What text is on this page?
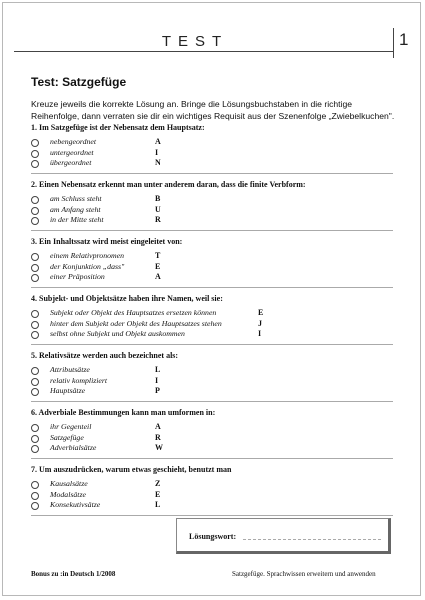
TEST	1
Test: Satzgefüge
Kreuze jeweils die korrekte Lösung an. Bringe die Lösungsbuchstaben in die richtige Reihenfolge, dann verraten sie dir ein wichtiges Requisit aus der Szenenfolge „Zwiebelkuchen".
1. Im Satzgefüge ist der Nebensatz dem Hauptsatz:
nebengeordnet	A
untergeordnet	I
übergeordnet	N
2. Einen Nebensatz erkennt man unter anderem daran, dass die finite Verbform:
am Schluss steht	B
am Anfang steht	U
in der Mitte steht	R
3. Ein Inhaltssatz wird meist eingeleitet von:
einem Relativpronomen	T
der Konjunktion „dass"	E
einer Präposition	A
4. Subjekt- und Objektsätze haben ihre Namen, weil sie:
Subjekt oder Objekt des Hauptsatzes ersetzen können	E
hinter dem Subjekt oder Objekt des Hauptsatzes stehen	J
selbst ohne Subjekt und Objekt auskommen	I
5. Relativsätze werden auch bezeichnet als:
Attributsätze	L
relativ kompliziert	I
Hauptsätze	P
6. Adverbiale Bestimmungen kann man umformen in:
ihr Gegenteil	A
Satzgefüge	R
Adverbialsätze	W
7. Um auszudrücken, warum etwas geschieht, benutzt man
Kausalsätze	Z
Modalsätze	E
Konsekutivsätze	L
Lösungswort:
Bonus zu :in Deutsch 1/2008	Satzgefüge. Sprachwissen erweitern und anwenden
